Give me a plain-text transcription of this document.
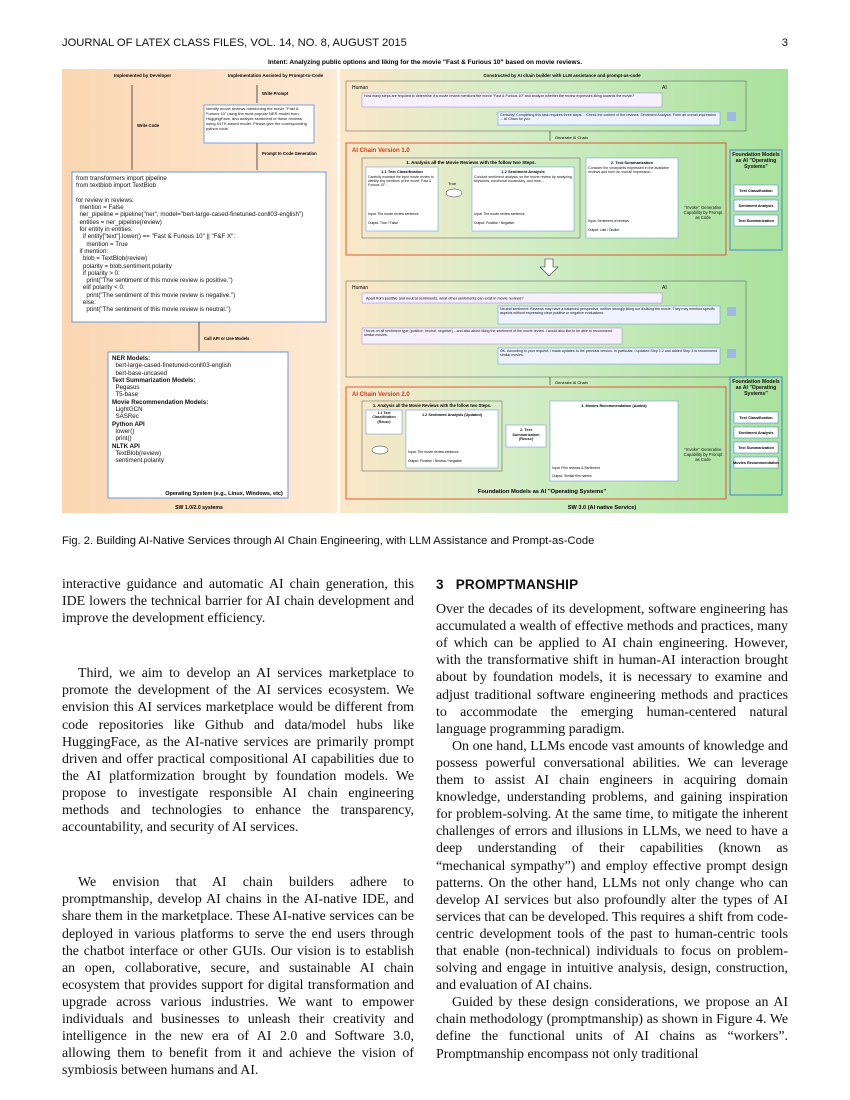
JOURNAL OF LATEX CLASS FILES, VOL. 14, NO. 8, AUGUST 2015	3
Intent: Analyzing public options and liking for the movie "Fast & Furious 10" based on movie reviews.
Implemented by Developer	Implementation Assisted by Prompt-to-Code
Write Prompt
Write Code
Identify movie reviews mentioning the movie "Fast & Furious 10" using the most popular NER model from HuggingFace, and analyze sentiment of these reviews using NLTK-based model. Please give the corresponding python code.
Prompt to Code Generation
from transformers import pipeline
from textblob import TextBlob

for review in reviews:
mention = False
ner_pipeline = pipeline("ner", model="bert-large-cased-finetuned-conll03-english")
entities = ner_pipeline(review)
for entity in entities:
if entity["text"].lower() == "Fast & Furious 10" || "F&F X":
mention = True
if mention:
blob = TextBlob(review)
polarity = blob.sentiment.polarity
if polarity > 0:
print("The sentiment of this movie review is positive.")
elif polarity < 0:
print("The sentiment of this movie review is negative.")
else:
print("The sentiment of this movie review is neutral.")
Call API or Use Models
NER Models:
bert-large-cased-finetuned-conll03-english
bert-base-uncased
Text Summarization Models:
Pegasus
T5-base
Movie Recommendation Models:
LightGCN
SASRec
Python API
lower()
print()
NLTK API
TextBlob(review)
sentiment.polarity
Operating System (e.g., Linux, Windows, etc)
SW 1.0/2.0 systems
Constructed by AI chain builder with LLM assistance and prompt-as-code
Human	AI
How many steps are required to determine if a movie review mentions the movie "Fast & Furious 10" and analyze whether the review expresses liking towards the movie?
Certainly! Completing this task requires three steps: ...Check the content of the reviews. Sentiment Analysis. Form an overall impression ... AI Chain for you.
Generate AI Chain
AI Chain Version 1.0
1. Analysis all the Movie Reviews with the follow two Steps.
1.1 Text Classification
Carefully examine the input movie review to identify any mentions of the movie "Fast & Furious 10"...
Input: The movie review sentence
Output: True / False
True
1.2 Sentiment Analysis
Conduct sentiment analysis on the movie review by analyzing keywords, emotional vocabulary, and tone...
Input: The movie review sentence
Output: Positive / Negative
2. Text Summarization
Consider the viewpoints expressed in the available reviews and form an overall impression...
Input: Sentiment of reviews
Output: Like / Dislike
"Invoke" Generative Capability by Prompt as Code
Foundation Models as AI "Operating Systems"
Text Classification
Sentiment Analysis
Text Summarization
Human	AI
Apart from positive and neutral sentiments, what other sentiments can exist in movie reviews?
Neutral sentiment: Reviews may have a balanced perspective, neither strongly liking nor disliking the movie. They may mention specific aspects without expressing clear positive or negative evaluations.
I focus on all sentiment type (positive, neutral, negative) ...and also about liking the sentiment of the movie review. I would also like to be able to recommend similar movies.
OK. According to your request, I made updates to the previous version. In particular, I updated Step 1.2 and added Step 3 to recommend similar movies.
Generate AI Chain
AI Chain Version 2.0
1. Analysis all the Movie Reviews with the follow two Steps.
1.1 Text Classification (Reuse)
1.2 Sentiment Analysis (Updated)
Input: The movie review sentence
Output: Positive / Neutral / Negative
2. Text Summarization (Reuse)
3. Movies Recommendation (Added)
Input: Film reviews & Sentiment
Output: Similar film names
"Invoke" Generative Capability by Prompt as Code
Foundation Models as AI "Operating Systems"
Foundation Models as AI "Operating Systems"
Text Classification
Sentiment Analysis
Text Summarization
Movies Recommendation
SW 3.0 (AI native Service)
Fig. 2. Building AI-Native Services through AI Chain Engineering, with LLM Assistance and Prompt-as-Code

interactive guidance and automatic AI chain generation, this IDE lowers the technical barrier for AI chain development and improve the development efficiency.

Third, we aim to develop an AI services marketplace to promote the development of the AI services ecosystem. We envision this AI services marketplace would be different from code repositories like Github and data/model hubs like HuggingFace, as the AI-native services are primarily prompt driven and offer practical compositional AI capabilities due to the AI platformization brought by foundation models. We propose to investigate responsible AI chain engineering methods and technologies to enhance the transparency, accountability, and security of AI services.

We envision that AI chain builders adhere to promptmanship, develop AI chains in the AI-native IDE, and share them in the marketplace. These AI-native services can be deployed in various platforms to serve the end users through the chatbot interface or other GUIs. Our vision is to establish an open, collaborative, secure, and sustainable AI chain ecosystem that provides support for digital transformation and upgrade across various industries. We want to empower individuals and businesses to unleash their creativity and intelligence in the new era of AI 2.0 and Software 3.0, allowing them to benefit from it and achieve the vision of symbiosis between humans and AI.

3 PROMPTMANSHIP

Over the decades of its development, software engineering has accumulated a wealth of effective methods and practices, many of which can be applied to AI chain engineering. However, with the transformative shift in human-AI interaction brought about by foundation models, it is necessary to examine and adjust traditional software engineering methods and practices to accommodate the emerging human-centered natural language programming paradigm.

On one hand, LLMs encode vast amounts of knowledge and possess powerful conversational abilities. We can leverage them to assist AI chain engineers in acquiring domain knowledge, understanding problems, and gaining inspiration for problem-solving. At the same time, to mitigate the inherent challenges of errors and illusions in LLMs, we need to have a deep understanding of their capabilities (known as “mechanical sympathy”) and employ effective prompt design patterns. On the other hand, LLMs not only change who can develop AI services but also profoundly alter the types of AI services that can be developed. This requires a shift from code-centric development tools of the past to human-centric tools that enable (non-technical) individuals to focus on problem-solving and engage in intuitive analysis, design, construction, and evaluation of AI chains.

Guided by these design considerations, we propose an AI chain methodology (promptmanship) as shown in Figure 4. We define the functional units of AI chains as “workers”. Promptmanship encompass not only traditional
